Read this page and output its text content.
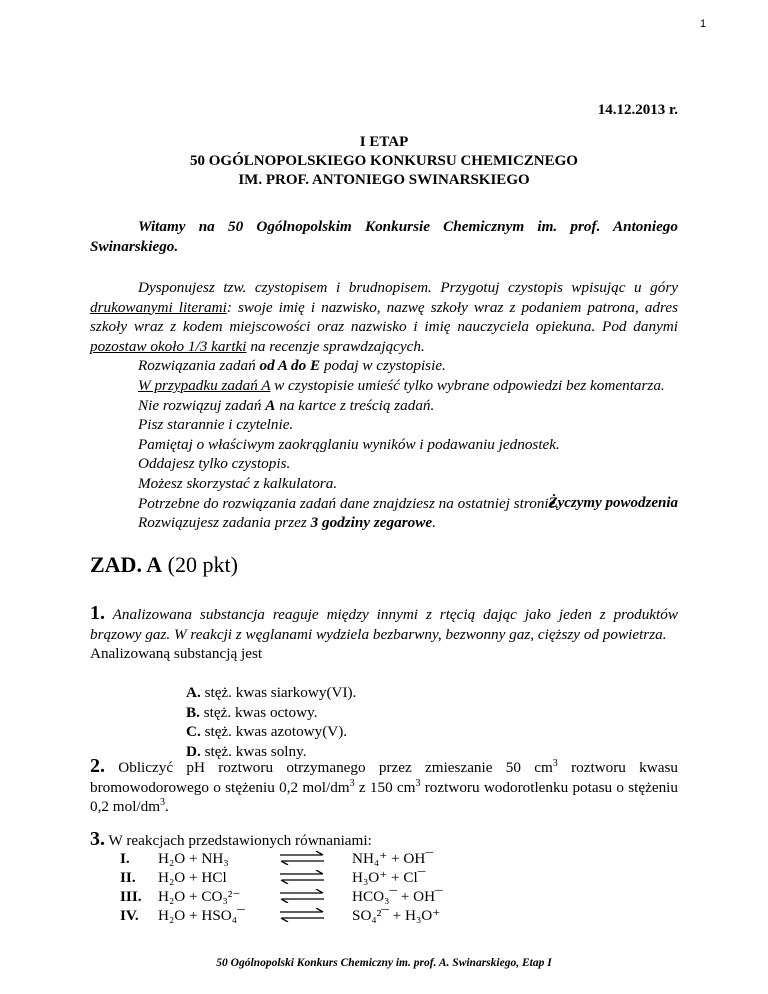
1
14.12.2013 r.
I ETAP
50 OGÓLNOPOLSKIEGO KONKURSU CHEMICZNEGO
IM. PROF. ANTONIEGO SWINARSKIEGO
Witamy na 50 Ogólnopolskim Konkursie Chemicznym im. prof. Antoniego Swinarskiego.
Dysponujesz tzw. czystopisem i brudnopisem. Przygotuj czystopis wpisując u góry drukowanymi literami: swoje imię i nazwisko, nazwę szkoły wraz z podaniem patrona, adres szkoły wraz z kodem miejscowości oraz nazwisko i imię nauczyciela opiekuna. Pod danymi pozostaw około 1/3 kartki na recenzje sprawdzających.
Rozwiązania zadań od A do E podaj w czystopisie.
W przypadku zadań A w czystopisie umieść tylko wybrane odpowiedzi bez komentarza.
Nie rozwiązuj zadań A na kartce z treścią zadań.
Pisz starannie i czytelnie.
Pamiętaj o właściwym zaokrąglaniu wyników i podawaniu jednostek.
Oddajesz tylko czystopis.
Możesz skorzystać z kalkulatora.
Potrzebne do rozwiązania zadań dane znajdziesz na ostatniej stronie.
Rozwiązujesz zadania przez 3 godziny zegarowe.
Życzymy powodzenia
ZAD. A (20 pkt)
1. Analizowana substancja reaguje między innymi z rtęcią dając jako jeden z produktów brązowy gaz. W reakcji z węglanami wydziela bezbarwny, bezwonny gaz, cięższy od powietrza.
Analizowaną substancją jest
A. stęż. kwas siarkowy(VI).
B. stęż. kwas octowy.
C. stęż. kwas azotowy(V).
D. stęż. kwas solny.
2. Obliczyć pH roztworu otrzymanego przez zmieszanie 50 $cm^3$ roztworu kwasu bromowodorowego o stężeniu 0,2 mol/$dm^3$ z 150 $cm^3$ roztworu wodorotlenku potasu o stężeniu 0,2 mol/$dm^3$.
3. W reakcjach przedstawionych równaniami:
I. H₂O + NH₃	NH₄⁺ + OH¯
II. H₂O + HCl	H₃O⁺ + Cl¯
III. H₂O + CO₃²⁻	HCO₃¯ + OH¯
IV. H₂O + HSO₄¯	SO₄²¯ + H₃O⁺
50 Ogólnopolski Konkurs Chemiczny im. prof. A. Swinarskiego, Etap I
